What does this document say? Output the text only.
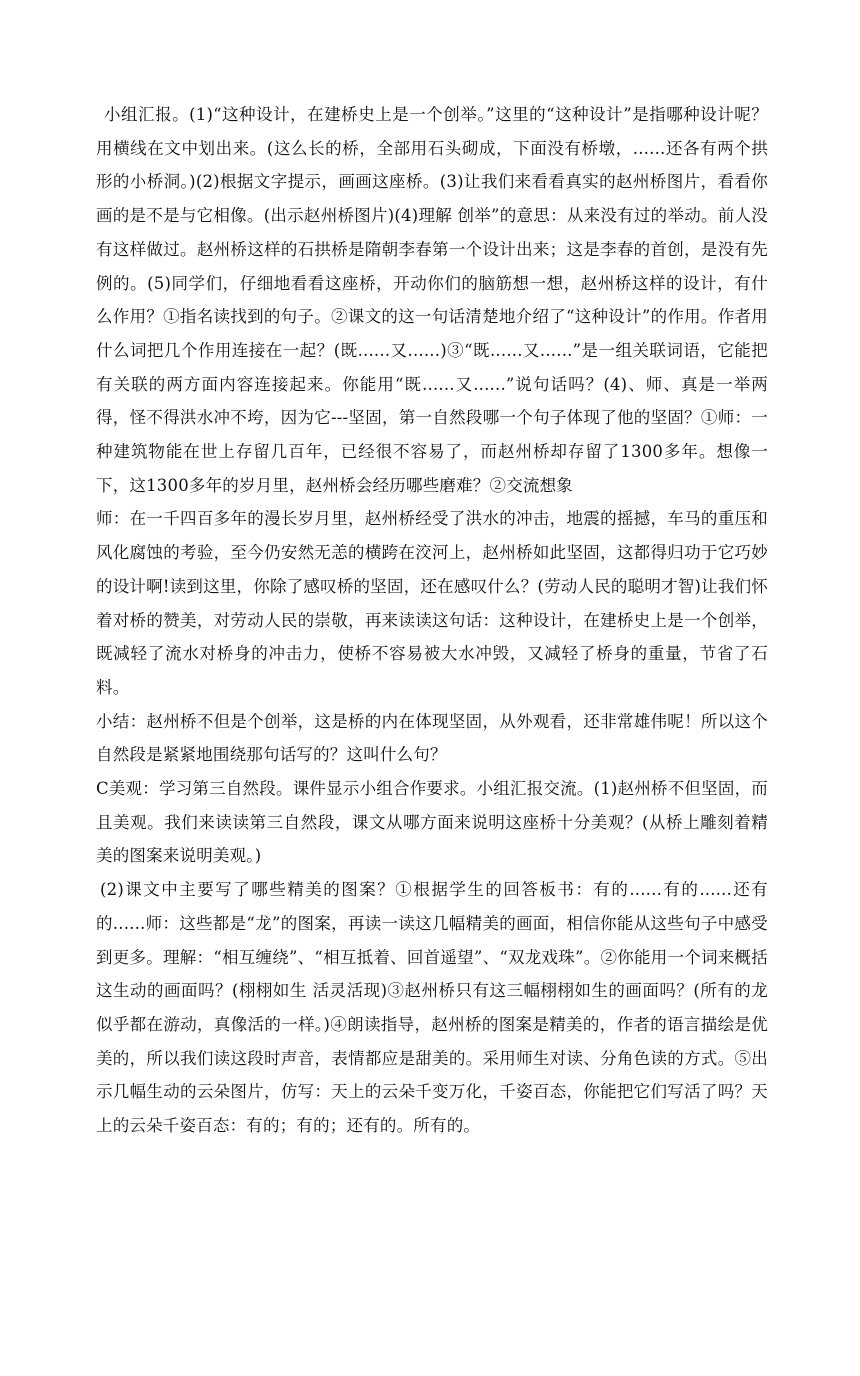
小组汇报。(1)“这种设计，在建桥史上是一个创举。”这里的“这种设计”是指哪种设计呢？用横线在文中划出来。(这么长的桥，全部用石头砌成，下面没有桥墩，......还各有两个拱形的小桥洞。)(2)根据文字提示，画画这座桥。(3)让我们来看看真实的赵州桥图片，看看你画的是不是与它相像。(出示赵州桥图片)(4)理解 创举”的意思：从来没有过的举动。前人没有这样做过。赵州桥这样的石拱桥是隋朝李春第一个设计出来；这是李春的首创，是没有先例的。(5)同学们，仔细地看看这座桥，开动你们的脑筋想一想，赵州桥这样的设计，有什么作用？①指名读找到的句子。②课文的这一句话清楚地介绍了“这种设计”的作用。作者用什么词把几个作用连接在一起？(既......又......)③“既......又......”是一组关联词语，它能把有关联的两方面内容连接起来。你能用“既......又......”说句话吗？(4)、师、真是一举两得，怪不得洪水冲不垮，因为它---坚固，第一自然段哪一个句子体现了他的坚固？①师：一种建筑物能在世上存留几百年，已经很不容易了，而赵州桥却存留了1300多年。想像一下，这1300多年的岁月里，赵州桥会经历哪些磨难？②交流想象

师：在一千四百多年的漫长岁月里，赵州桥经受了洪水的冲击，地震的摇撼，车马的重压和风化腐蚀的考验，至今仍安然无恙的横跨在洨河上，赵州桥如此坚固，这都得归功于它巧妙的设计啊!读到这里，你除了感叹桥的坚固，还在感叹什么？(劳动人民的聪明才智)让我们怀着对桥的赞美，对劳动人民的崇敬，再来读读这句话：这种设计，在建桥史上是一个创举，既减轻了流水对桥身的冲击力，使桥不容易被大水冲毁，又减轻了桥身的重量，节省了石料。

小结：赵州桥不但是个创举，这是桥的内在体现坚固，从外观看，还非常雄伟呢！所以这个自然段是紧紧地围绕那句话写的？这叫什么句？

C美观：学习第三自然段。课件显示小组合作要求。小组汇报交流。(1)赵州桥不但坚固，而且美观。我们来读读第三自然段，课文从哪方面来说明这座桥十分美观？(从桥上雕刻着精美的图案来说明美观。)

(2)课文中主要写了哪些精美的图案？①根据学生的回答板书：有的......有的......还有的......师：这些都是“龙”的图案，再读一读这几幅精美的画面，相信你能从这些句子中感受到更多。理解：“相互缠绕”、“相互抵着、回首遥望”、“双龙戏珠”。②你能用一个词来概括这生动的画面吗？(栩栩如生 活灵活现)③赵州桥只有这三幅栩栩如生的画面吗？(所有的龙似乎都在游动，真像活的一样。)④朗读指导，赵州桥的图案是精美的，作者的语言描绘是优美的，所以我们读这段时声音，表情都应是甜美的。采用师生对读、分角色读的方式。⑤出示几幅生动的云朵图片，仿写：天上的云朵千变万化，千姿百态，你能把它们写活了吗？天上的云朵千姿百态：有的；有的；还有的。所有的。
